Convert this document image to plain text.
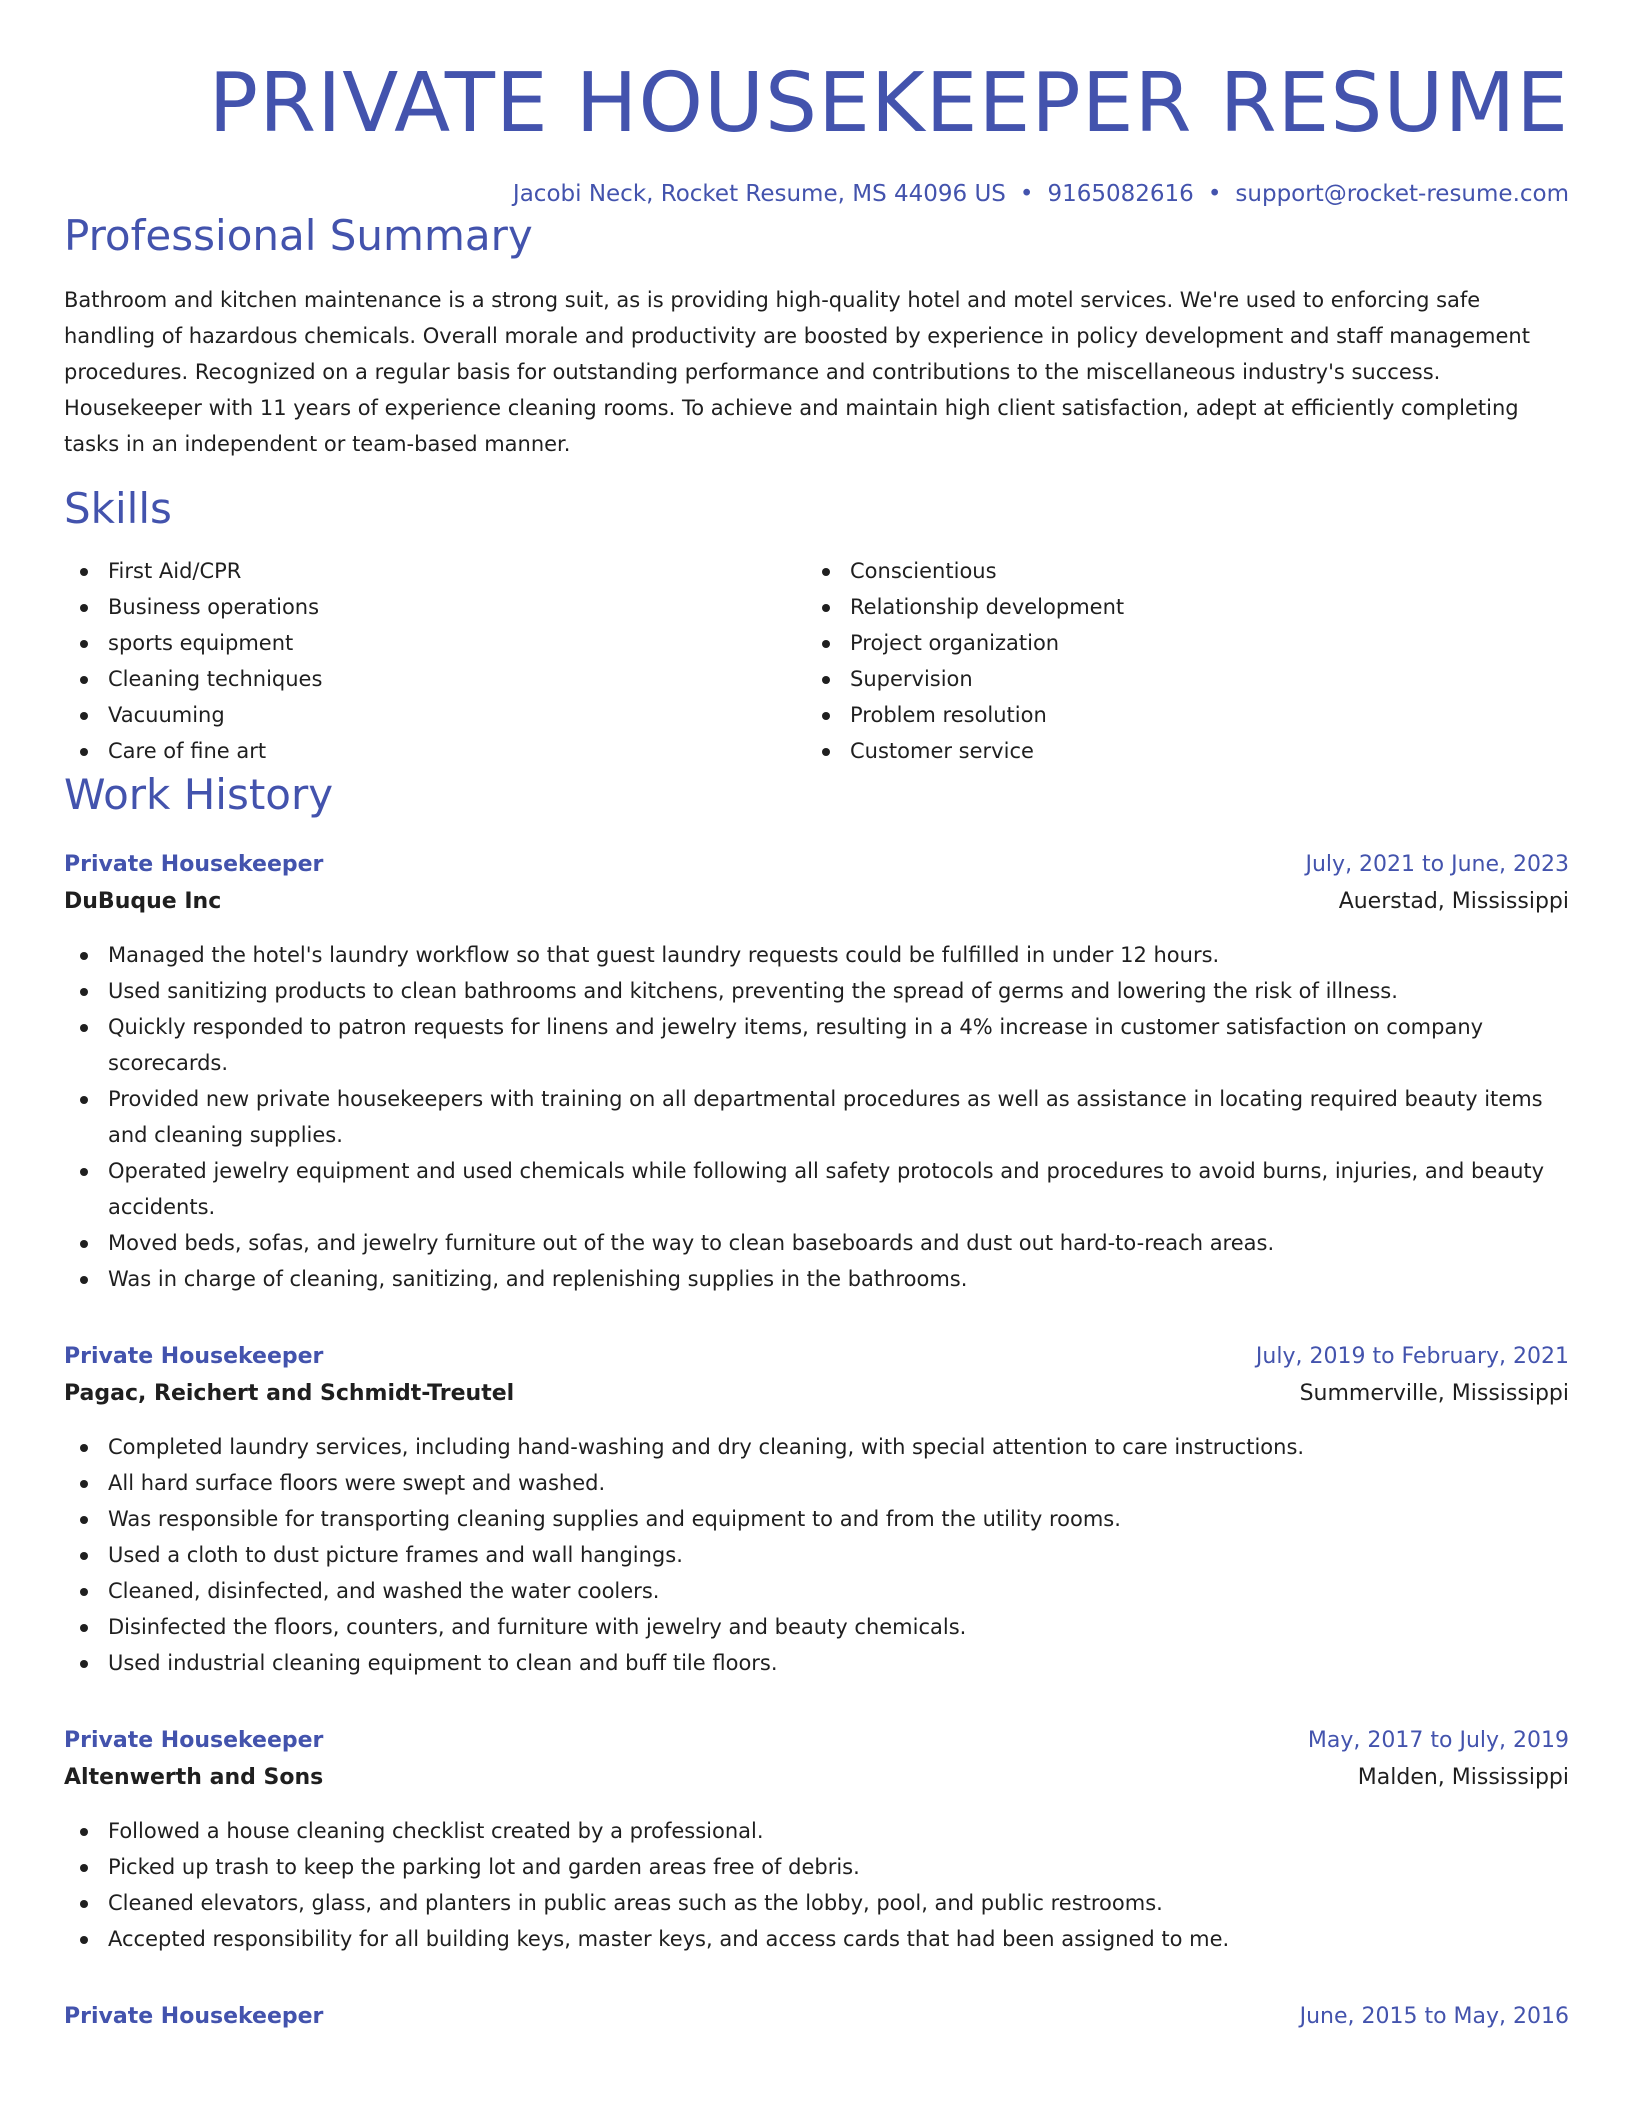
PRIVATE HOUSEKEEPER RESUME
Jacobi Neck, Rocket Resume, MS 44096 US • 9165082616 • support@rocket-resume.com
Professional Summary

Bathroom and kitchen maintenance is a strong suit, as is providing high-quality hotel and motel services. We're used to enforcing safe handling of hazardous chemicals. Overall morale and productivity are boosted by experience in policy development and staff management procedures. Recognized on a regular basis for outstanding performance and contributions to the miscellaneous industry's success. Housekeeper with 11 years of experience cleaning rooms. To achieve and maintain high client satisfaction, adept at efficiently completing tasks in an independent or team-based manner.

Skills
First Aid/CPR
Business operations
sports equipment
Cleaning techniques
Vacuuming
Care of fine art
Conscientious
Relationship development
Project organization
Supervision
Problem resolution
Customer service
Work History
Private Housekeeper	July, 2021 to June, 2023
DuBuque Inc	Auerstad, Mississippi
Managed the hotel's laundry workflow so that guest laundry requests could be fulfilled in under 12 hours.
Used sanitizing products to clean bathrooms and kitchens, preventing the spread of germs and lowering the risk of illness.
Quickly responded to patron requests for linens and jewelry items, resulting in a 4% increase in customer satisfaction on company scorecards.
Provided new private housekeepers with training on all departmental procedures as well as assistance in locating required beauty items and cleaning supplies.
Operated jewelry equipment and used chemicals while following all safety protocols and procedures to avoid burns, injuries, and beauty accidents.
Moved beds, sofas, and jewelry furniture out of the way to clean baseboards and dust out hard-to-reach areas.
Was in charge of cleaning, sanitizing, and replenishing supplies in the bathrooms.
Private Housekeeper	July, 2019 to February, 2021
Pagac, Reichert and Schmidt-Treutel	Summerville, Mississippi
Completed laundry services, including hand-washing and dry cleaning, with special attention to care instructions.
All hard surface floors were swept and washed.
Was responsible for transporting cleaning supplies and equipment to and from the utility rooms.
Used a cloth to dust picture frames and wall hangings.
Cleaned, disinfected, and washed the water coolers.
Disinfected the floors, counters, and furniture with jewelry and beauty chemicals.
Used industrial cleaning equipment to clean and buff tile floors.
Private Housekeeper	May, 2017 to July, 2019
Altenwerth and Sons	Malden, Mississippi
Followed a house cleaning checklist created by a professional.
Picked up trash to keep the parking lot and garden areas free of debris.
Cleaned elevators, glass, and planters in public areas such as the lobby, pool, and public restrooms.
Accepted responsibility for all building keys, master keys, and access cards that had been assigned to me.
Private Housekeeper	June, 2015 to May, 2016
